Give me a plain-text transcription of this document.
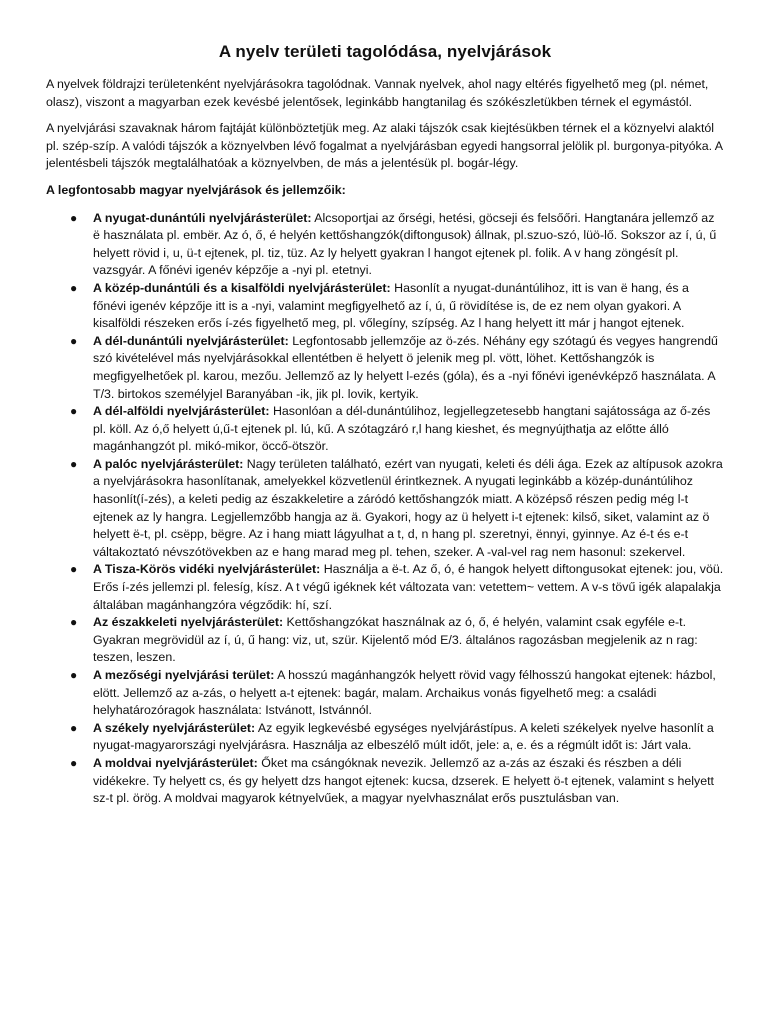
A nyelv területi tagolódása, nyelvjárások

A nyelvek földrajzi területenként nyelvjárásokra tagolódnak. Vannak nyelvek, ahol nagy eltérés figyelhető meg (pl. német, olasz), viszont a magyarban ezek kevésbé jelentősek, leginkább hangtanilag és szókészletükben térnek el egymástól.

A nyelvjárási szavaknak három fajtáját különböztetjük meg. Az alaki tájszók csak kiejtésükben térnek el a köznyelvi alaktól pl. szép-szíp. A valódi tájszók a köznyelvben lévő fogalmat a nyelvjárásban egyedi hangsorral jelölik pl. burgonya-pityóka. A jelentésbeli tájszók megtalálhatóak a köznyelvben, de más a jelentésük pl. bogár-légy.

A legfontosabb magyar nyelvjárások és jellemzőik:

● A nyugat-dunántúli nyelvjárásterület: Alcsoportjai az őrségi, hetési, göcseji és felsőőri. Hangtanára jellemző az ë használata pl. embër. Az ó, ő, é helyén kettőshangzók(diftongusok) állnak, pl.szuo-szó, lüö-lő. Sokszor az í, ú, ű helyett rövid i, u, ü-t ejtenek, pl. tiz, tüz. Az ly helyett gyakran l hangot ejtenek pl. folik. A v hang zöngésít pl. vazsgyár. A főnévi igenév képzője a -nyi pl. etetnyi.
● A közép-dunántúli és a kisalföldi nyelvjárásterület: Hasonlít a nyugat-dunántúlihoz, itt is van ë hang, és a főnévi igenév képzője itt is a -nyi, valamint megfigyelhető az í, ú, ű rövidítése is, de ez nem olyan gyakori. A kisalföldi részeken erős í-zés figyelhető meg, pl. vőlegíny, szípség. Az l hang helyett itt már j hangot ejtenek.
● A dél-dunántúli nyelvjárásterület: Legfontosabb jellemzője az ö-zés. Néhány egy szótagú és vegyes hangrendű szó kivételével más nyelvjárásokkal ellentétben ë helyett ö jelenik meg pl. vött, löhet. Kettőshangzók is megfigyelhetőek pl. karou, mezőu. Jellemző az ly helyett l-ezés (góla), és a -nyi főnévi igenévképző használata. A T/3. birtokos személyjel Baranyában -ik, jik pl. lovik, kertyik.
● A dél-alföldi nyelvjárásterület: Hasonlóan a dél-dunántúlihoz, legjellegzetesebb hangtani sajátossága az ő-zés pl. köll. Az ó,ő helyett ú,ű-t ejtenek pl. lú, kű. A szótagzáró r,l hang kieshet, és megnyújthatja az előtte álló magánhangzót pl. mikó-mikor, öccő-ötször.
● A palóc nyelvjárásterület: Nagy területen található, ezért van nyugati, keleti és déli ága. Ezek az altípusok azokra a nyelvjárásokra hasonlítanak, amelyekkel közvetlenül érintkeznek. A nyugati leginkább a közép-dunántúlihoz hasonlít(í-zés), a keleti pedig az északkeletire a záródó kettőshangzók miatt. A középső részen pedig még l-t ejtenek az ly hangra. Legjellemzőbb hangja az ä. Gyakori, hogy az ü helyett i-t ejtenek: kilső, siket, valamint az ö helyett ë-t, pl. csëpp, bëgre. Az i hang miatt lágyulhat a t, d, n hang pl. szeretnyi, ënnyi, gyinnye. Az é-t és e-t váltakoztató névszótövekben az e hang marad meg pl. tehen, szeker. A -val-vel rag nem hasonul: szekervel.
● A Tisza-Körös vidéki nyelvjárásterület: Használja a ë-t. Az ő, ó, é hangok helyett diftongusokat ejtenek: jou, vöü. Erős í-zés jellemzi pl. felesíg, kísz. A t végű igéknek két változata van: vetettem~ vettem. A v-s tövű igék alapalakja általában magánhangzóra végződik: hí, szí.
● Az északkeleti nyelvjárásterület: Kettőshangzókat használnak az ó, ő, é helyén, valamint csak egyféle e-t. Gyakran megrövidül az í, ú, ű hang: viz, ut, szür. Kijelentő mód E/3. általános ragozásban megjelenik az n rag: teszen, leszen.
● A mezőségi nyelvjárási terület: A hosszú magánhangzók helyett rövid vagy félhosszú hangokat ejtenek: házbol, elött. Jellemző az a-zás, o helyett a-t ejtenek: bagár, malam. Archaikus vonás figyelhető meg: a családi helyhatározóragok használata: Istvánott, Istvánnól.
● A székely nyelvjárásterület: Az egyik legkevésbé egységes nyelvjárástípus. A keleti székelyek nyelve hasonlít a nyugat-magyarországi nyelvjárásra. Használja az elbeszélő múlt időt, jele: a, e. és a régmúlt időt is: Járt vala.
● A moldvai nyelvjárásterület: Őket ma csángóknak nevezik. Jellemző az a-zás az északi és részben a déli vidékekre. Ty helyett cs, és gy helyett dzs hangot ejtenek: kucsa, dzserek. E helyett ö-t ejtenek, valamint s helyett sz-t pl. örög. A moldvai magyarok kétnyelvűek, a magyar nyelvhasználat erős pusztulásban van.
